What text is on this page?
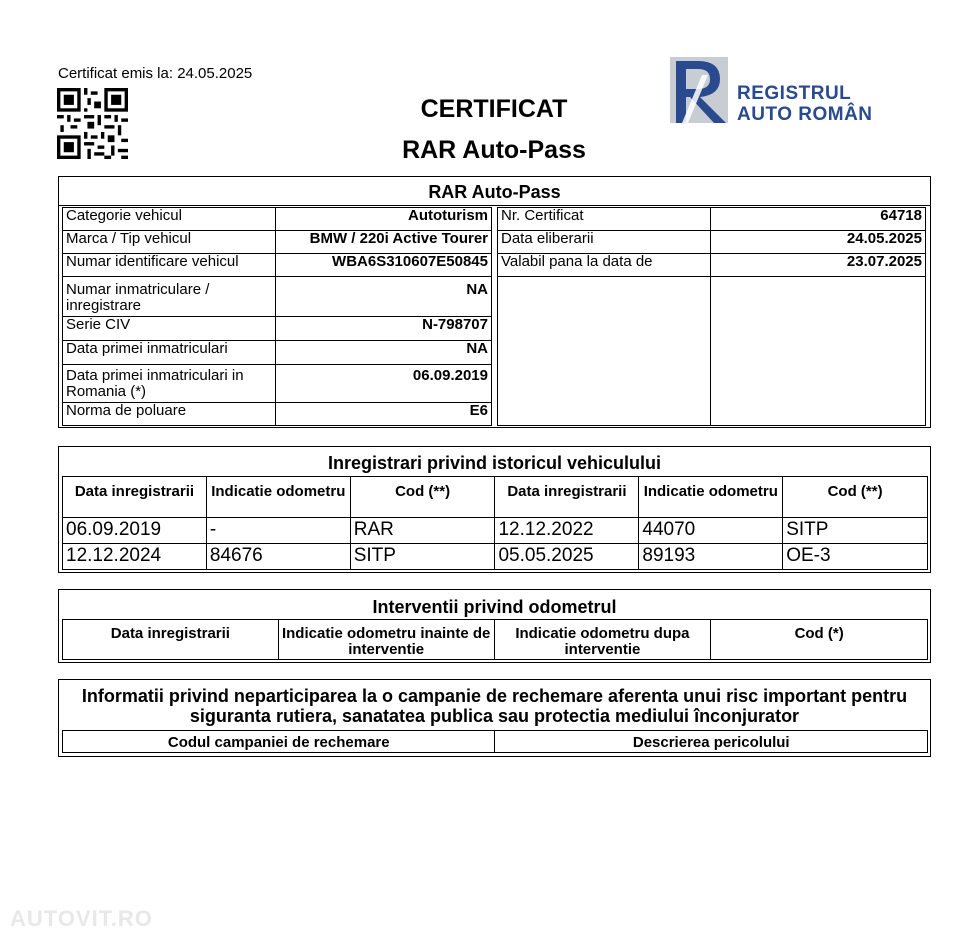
Certificat emis la: 24.05.2025
CERTIFICAT
RAR Auto-Pass
REGISTRUL
AUTO ROMÂN
RAR Auto-Pass
Categorie vehicul	Autoturism
Marca / Tip vehicul	BMW / 220i Active Tourer
Numar identificare vehicul	WBA6S310607E50845
Numar inmatriculare / inregistrare	NA
Serie CIV	N-798707
Data primei inmatriculari	NA
Data primei inmatriculari in Romania (*)	06.09.2019
Norma de poluare	E6
Nr. Certificat	64718
Data eliberarii	24.05.2025
Valabil pana la data de	23.07.2025

Inregistrari privind istoricul vehiculului
Data inregistrarii	Indicatie odometru	Cod (**)	Data inregistrarii	Indicatie odometru	Cod (**)
06.09.2019	-	RAR	12.12.2022	44070	SITP
12.12.2024	84676	SITP	05.05.2025	89193	OE-3
Interventii privind odometrul
Data inregistrarii	Indicatie odometru inainte de interventie	Indicatie odometru dupa interventie	Cod (*)
Informatii privind neparticiparea la o campanie de rechemare aferenta unui risc important pentru siguranta rutiera, sanatatea publica sau protectia mediului înconjurator
Codul campaniei de rechemare	Descrierea pericolului
AUTOVIT.RO
